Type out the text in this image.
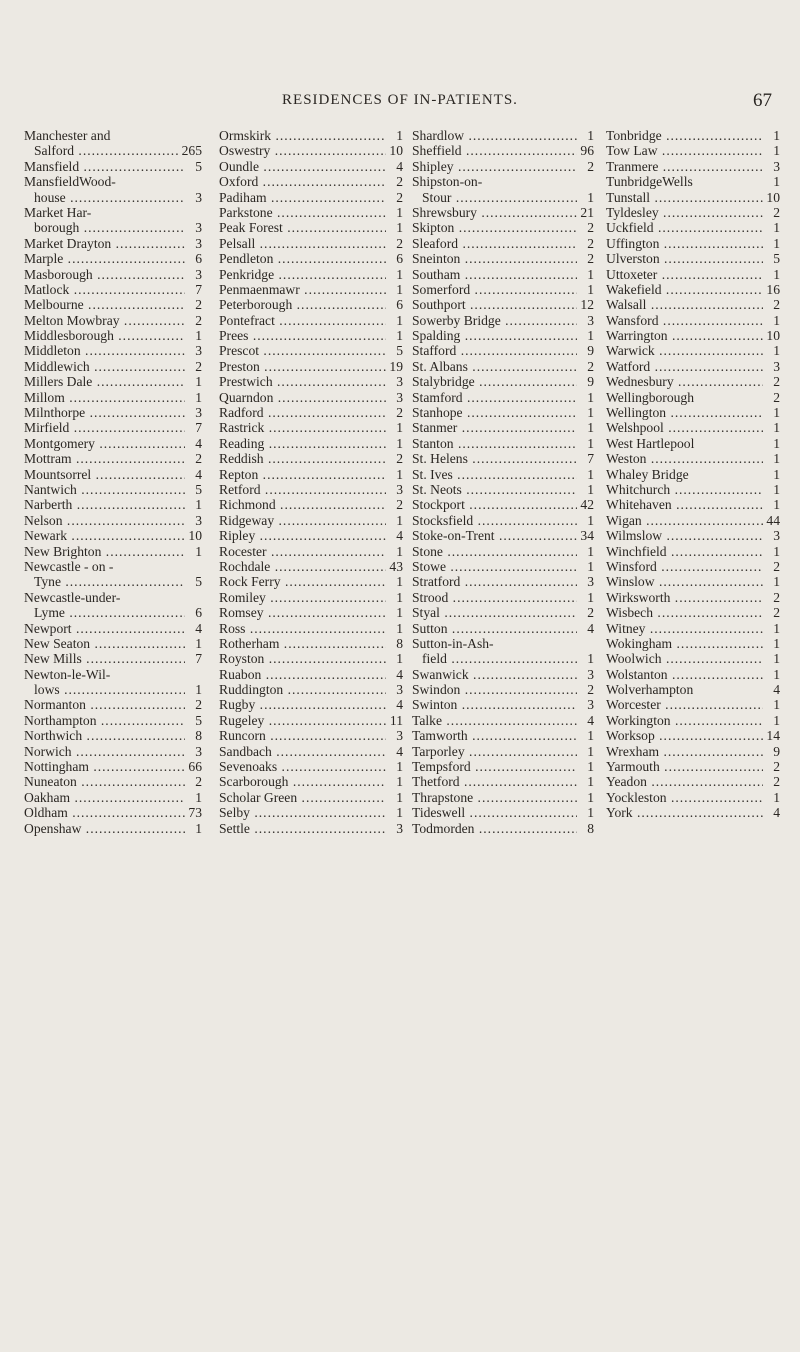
RESIDENCES OF IN-PATIENTS.	67
Manchester and
Salford .....	265
Mansfield .....	5
MansfieldWood-
house .....	3
Market Har-
borough .....	3
Market Drayton .....	3
Marple .....	6
Masborough .....	3
Matlock .....	7
Melbourne .....	2
Melton Mowbray .....	2
Middlesborough .....	1
Middleton .....	3
Middlewich .....	2
Millers Dale .....	1
Millom .....	1
Milnthorpe .....	3
Mirfield .....	7
Montgomery .....	4
Mottram .....	2
Mountsorrel .....	4
Nantwich .....	5
Narberth .....	1
Nelson .....	3
Newark .....	10
New Brighton .....	1
Newcastle - on -
Tyne .....	5
Newcastle-under-
Lyme .....	6
Newport .....	4
New Seaton .....	1
New Mills .....	7
Newton-le-Wil-
lows .....	1
Normanton .....	2
Northampton .....	5
Northwich .....	8
Norwich .....	3
Nottingham .....	66
Nuneaton .....	2
Oakham .....	1
Oldham .....	73
Openshaw .....	1
Ormskirk .....	1
Oswestry .....	10
Oundle .....	4
Oxford .....	2
Padiham .....	2
Parkstone .....	1
Peak Forest .....	1
Pelsall .....	2
Pendleton .....	6
Penkridge .....	1
Penmaenmawr .....	1
Peterborough .....	6
Pontefract .....	1
Prees .....	1
Prescot .....	5
Preston .....	19
Prestwich .....	3
Quarndon .....	3
Radford .....	2
Rastrick .....	1
Reading .....	1
Reddish .....	2
Repton .....	1
Retford .....	3
Richmond .....	2
Ridgeway .....	1
Ripley .....	4
Rocester .....	1
Rochdale .....	43
Rock Ferry .....	1
Romiley .....	1
Romsey .....	1
Ross .....	1
Rotherham .....	8
Royston .....	1
Ruabon .....	4
Ruddington .....	3
Rugby .....	4
Rugeley .....	11
Runcorn .....	3
Sandbach .....	4
Sevenoaks .....	1
Scarborough .....	1
Scholar Green .....	1
Selby .....	1
Settle .....	3
Shardlow .....	1
Sheffield .....	96
Shipley .....	2
Shipston-on-
Stour .....	1
Shrewsbury .....	21
Skipton .....	2
Sleaford .....	2
Sneinton .....	2
Southam .....	1
Somerford .....	1
Southport .....	12
Sowerby Bridge .....	3
Spalding .....	1
Stafford .....	9
St. Albans .....	2
Stalybridge .....	9
Stamford .....	1
Stanhope .....	1
Stanmer .....	1
Stanton .....	1
St. Helens .....	7
St. Ives .....	1
St. Neots .....	1
Stockport .....	42
Stocksfield .....	1
Stoke-on-Trent .....	34
Stone .....	1
Stowe .....	1
Stratford .....	3
Strood .....	1
Styal .....	2
Sutton .....	4
Sutton-in-Ash-
field .....	1
Swanwick .....	3
Swindon .....	2
Swinton .....	3
Talke .....	4
Tamworth .....	1
Tarporley .....	1
Tempsford .....	1
Thetford .....	1
Thrapstone .....	1
Tideswell .....	1
Todmorden .....	8
Tonbridge .....	1
Tow Law .....	1
Tranmere .....	3
TunbridgeWells	1
Tunstall .....	10
Tyldesley .....	2
Uckfield .....	1
Uffington .....	1
Ulverston .....	5
Uttoxeter .....	1
Wakefield .....	16
Walsall .....	2
Wansford .....	1
Warrington .....	10
Warwick .....	1
Watford .....	3
Wednesbury .....	2
Wellingborough	2
Wellington .....	1
Welshpool .....	1
West Hartlepool	1
Weston .....	1
Whaley Bridge	1
Whitchurch .....	1
Whitehaven .....	1
Wigan .....	44
Wilmslow .....	3
Winchfield .....	1
Winsford .....	2
Winslow .....	1
Wirksworth .....	2
Wisbech .....	2
Witney .....	1
Wokingham .....	1
Woolwich .....	1
Wolstanton .....	1
Wolverhampton	4
Worcester .....	1
Workington .....	1
Worksop .....	14
Wrexham .....	9
Yarmouth .....	2
Yeadon .....	2
Yockleston .....	1
York .....	4
